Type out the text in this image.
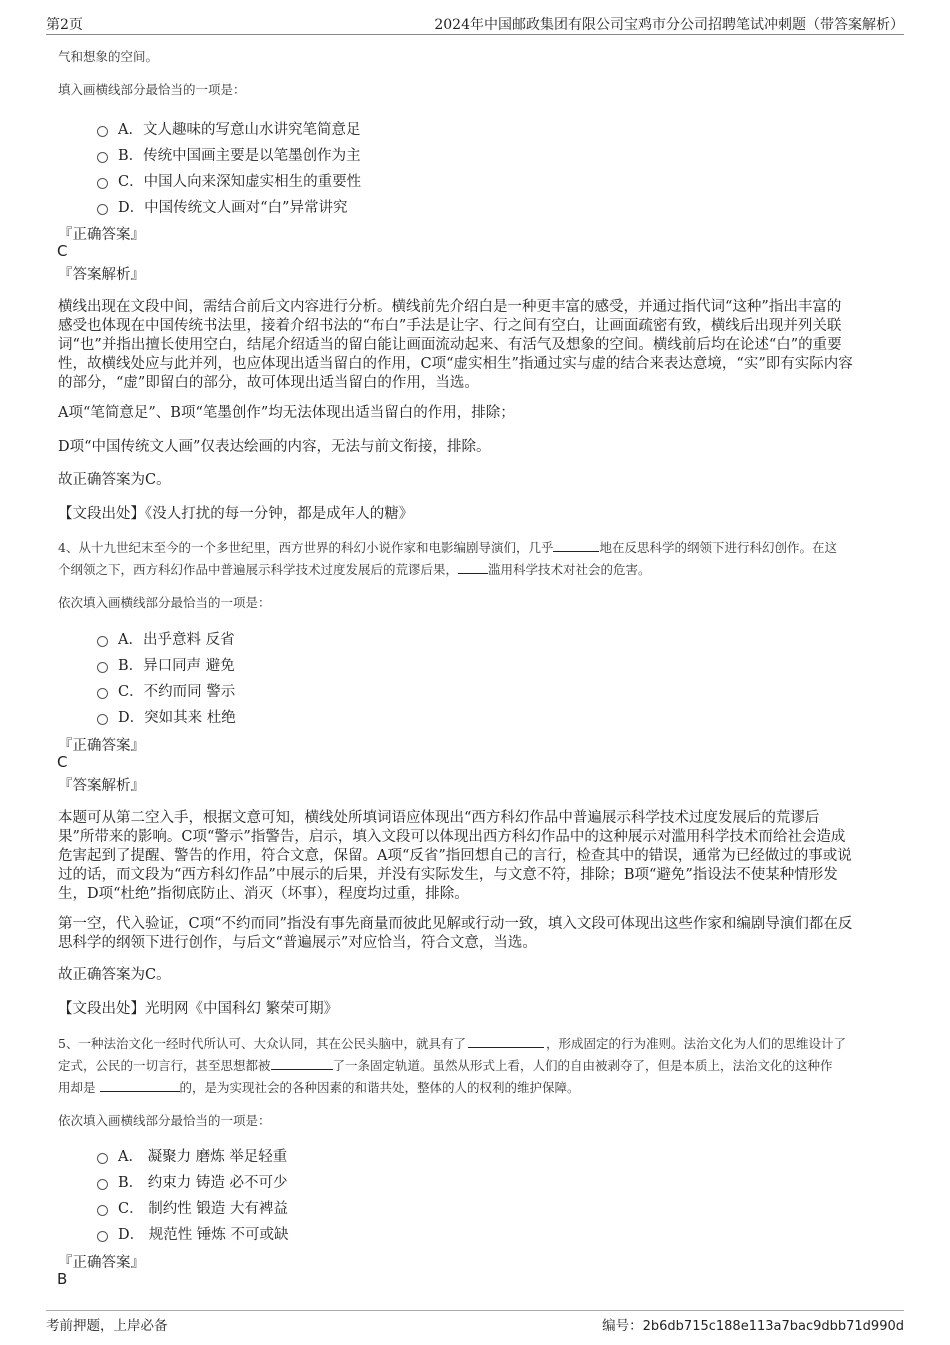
第2页	2024年中国邮政集团有限公司宝鸡市分公司招聘笔试冲刺题（带答案解析）
气和想象的空间。
填入画横线部分最恰当的一项是：
A．文人趣味的写意山水讲究笔简意足
B．传统中国画主要是以笔墨创作为主
C．中国人向来深知虚实相生的重要性
D．中国传统文人画对“白”异常讲究
『正确答案』
C
『答案解析』
横线出现在文段中间，需结合前后文内容进行分析。横线前先介绍白是一种更丰富的感受，并通过指代词“这种”指出丰富的
感受也体现在中国传统书法里，接着介绍书法的“布白”手法是让字、行之间有空白，让画面疏密有致，横线后出现并列关联
词“也”并指出擅长使用空白，结尾介绍适当的留白能让画面流动起来、有活气及想象的空间。横线前后均在论述“白”的重要
性，故横线处应与此并列，也应体现出适当留白的作用，C项“虚实相生”指通过实与虚的结合来表达意境，“实”即有实际内容
的部分，“虚”即留白的部分，故可体现出适当留白的作用，当选。
A项“笔简意足”、B项“笔墨创作”均无法体现出适当留白的作用，排除；
D项“中国传统文人画”仅表达绘画的内容，无法与前文衔接，排除。
故正确答案为C。
【文段出处】《没人打扰的每一分钟，都是成年人的糖》
4、从十九世纪末至今的一个多世纪里，西方世界的科幻小说作家和电影编剧导演们，几乎	地在反思科学的纲领下进行科幻创作。在这
个纲领之下，西方科幻作品中普遍展示科学技术过度发展后的荒谬后果， 滥用科学技术对社会的危害。
依次填入画横线部分最恰当的一项是：
A．出乎意料 反省
B．异口同声 避免
C．不约而同 警示
D．突如其来 杜绝
『正确答案』
C
『答案解析』
本题可从第二空入手，根据文意可知，横线处所填词语应体现出“西方科幻作品中普遍展示科学技术过度发展后的荒谬后
果”所带来的影响。C项“警示”指警告，启示，填入文段可以体现出西方科幻作品中的这种展示对滥用科学技术而给社会造成
危害起到了提醒、警告的作用，符合文意，保留。A项“反省”指回想自己的言行，检查其中的错误，通常为已经做过的事或说
过的话，而文段为“西方科幻作品”中展示的后果，并没有实际发生，与文意不符，排除；B项“避免”指设法不使某种情形发
生，D项“杜绝”指彻底防止、消灭（坏事），程度均过重，排除。
第一空，代入验证，C项“不约而同”指没有事先商量而彼此见解或行动一致，填入文段可体现出这些作家和编剧导演们都在反
思科学的纲领下进行创作，与后文“普遍展示”对应恰当，符合文意，当选。
故正确答案为C。
【文段出处】光明网《中国科幻 繁荣可期》
5、一种法治文化一经时代所认可、大众认同，其在公民头脑中，就具有了	，形成固定的行为准则。法治文化为人们的思维设计了
定式，公民的一切言行，甚至思想都被	了一条固定轨道。虽然从形式上看，人们的自由被剥夺了，但是本质上，法治文化的这种作
用却是	的，是为实现社会的各种因素的和谐共处，整体的人的权利的维护保障。
依次填入画横线部分最恰当的一项是：
A． 凝聚力 磨炼 举足轻重
B． 约束力 铸造 必不可少
C． 制约性 锻造 大有裨益
D． 规范性 锤炼 不可或缺
『正确答案』
B
考前押题，上岸必备	编号：2b6db715c188e113a7bac9dbb71d990d
